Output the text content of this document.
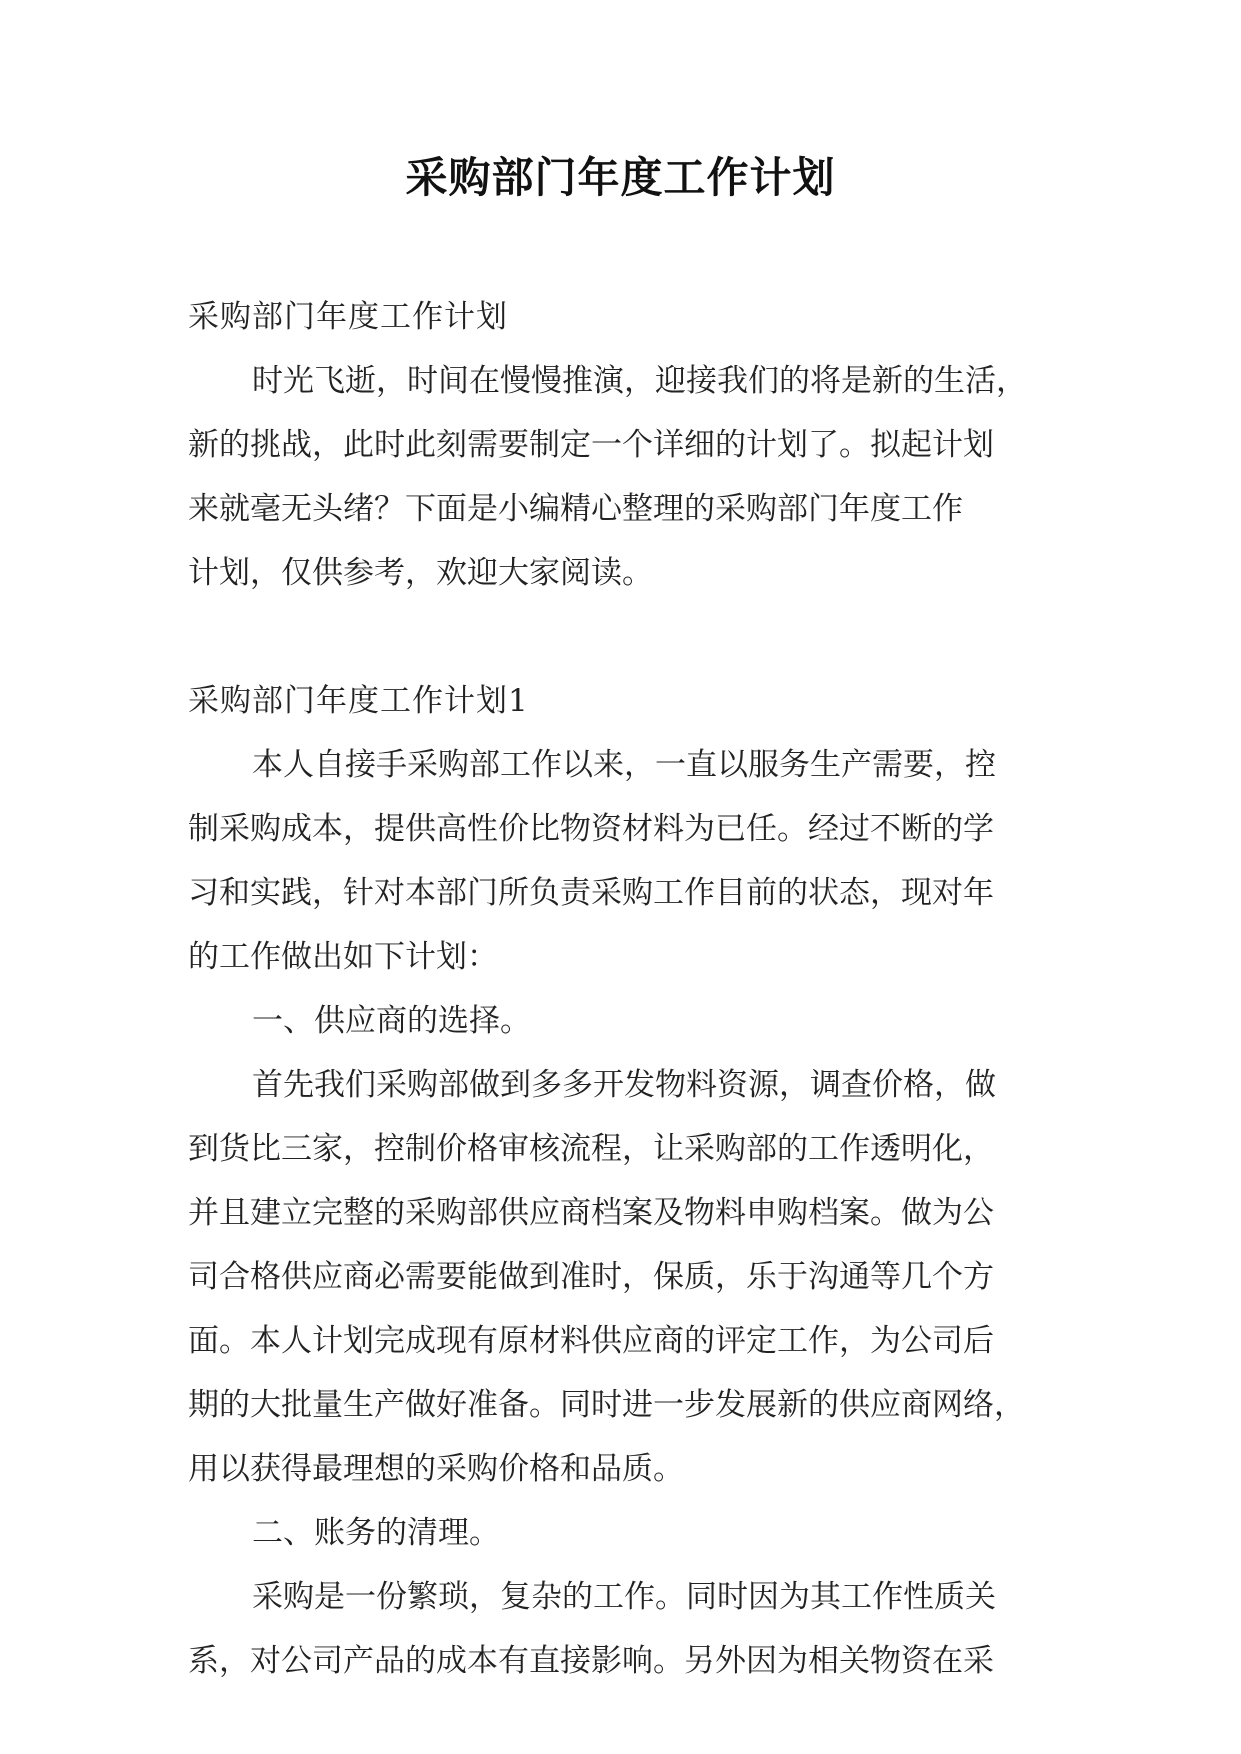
采购部门年度工作计划
采购部门年度工作计划
时光飞逝，时间在慢慢推演，迎接我们的将是新的生活，
新的挑战，此时此刻需要制定一个详细的计划了。拟起计划
来就毫无头绪？下面是小编精心整理的采购部门年度工作
计划，仅供参考，欢迎大家阅读。
采购部门年度工作计划1
本人自接手采购部工作以来，一直以服务生产需要，控
制采购成本，提供高性价比物资材料为已任。经过不断的学
习和实践，针对本部门所负责采购工作目前的状态，现对年
的工作做出如下计划：
一、供应商的选择。
首先我们采购部做到多多开发物料资源，调查价格，做
到货比三家，控制价格审核流程，让采购部的工作透明化，
并且建立完整的采购部供应商档案及物料申购档案。做为公
司合格供应商必需要能做到准时，保质，乐于沟通等几个方
面。本人计划完成现有原材料供应商的评定工作，为公司后
期的大批量生产做好准备。同时进一步发展新的供应商网络，
用以获得最理想的采购价格和品质。
二、账务的清理。
采购是一份繁琐，复杂的工作。同时因为其工作性质关
系，对公司产品的成本有直接影响。另外因为相关物资在采
